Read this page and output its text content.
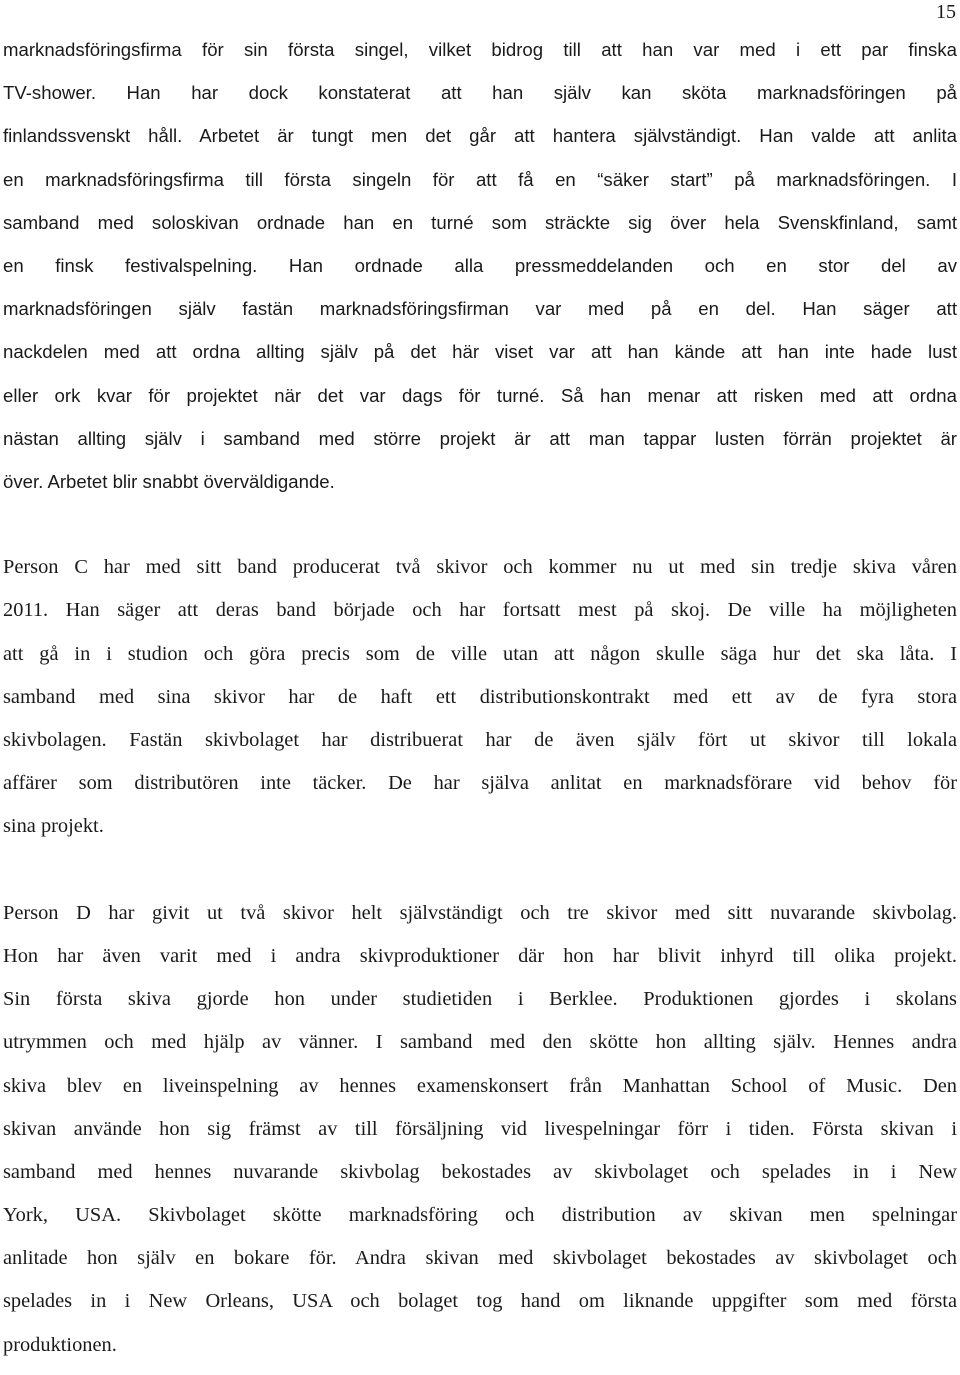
15
marknadsföringsfirma för sin första singel, vilket bidrog till att han var med i ett par finska
TV-shower. Han har dock konstaterat att han själv kan sköta marknadsföringen på
finlandssvenskt håll. Arbetet är tungt men det går att hantera självständigt. Han valde att anlita
en marknadsföringsfirma till första singeln för att få en “säker start” på marknadsföringen. I
samband med soloskivan ordnade han en turné som sträckte sig över hela Svenskfinland, samt
en finsk festivalspelning. Han ordnade alla pressmeddelanden och en stor del av
marknadsföringen själv fastän marknadsföringsfirman var med på en del. Han säger att
nackdelen med att ordna allting själv på det här viset var att han kände att han inte hade lust
eller ork kvar för projektet när det var dags för turné. Så han menar att risken med att ordna
nästan allting själv i samband med större projekt är att man tappar lusten förrän projektet är
över. Arbetet blir snabbt överväldigande.
Person C har med sitt band producerat två skivor och kommer nu ut med sin tredje skiva våren
2011. Han säger att deras band började och har fortsatt mest på skoj. De ville ha möjligheten
att gå in i studion och göra precis som de ville utan att någon skulle säga hur det ska låta. I
samband med sina skivor har de haft ett distributionskontrakt med ett av de fyra stora
skivbolagen. Fastän skivbolaget har distribuerat har de även själv fört ut skivor till lokala
affärer som distributören inte täcker. De har själva anlitat en marknadsförare vid behov för
sina projekt.
Person D har givit ut två skivor helt självständigt och tre skivor med sitt nuvarande skivbolag.
Hon har även varit med i andra skivproduktioner där hon har blivit inhyrd till olika projekt.
Sin första skiva gjorde hon under studietiden i Berklee. Produktionen gjordes i skolans
utrymmen och med hjälp av vänner. I samband med den skötte hon allting själv. Hennes andra
skiva blev en liveinspelning av hennes examenskonsert från Manhattan School of Music. Den
skivan använde hon sig främst av till försäljning vid livespelningar förr i tiden. Första skivan i
samband med hennes nuvarande skivbolag bekostades av skivbolaget och spelades in i New
York, USA. Skivbolaget skötte marknadsföring och distribution av skivan men spelningar
anlitade hon själv en bokare för. Andra skivan med skivbolaget bekostades av skivbolaget och
spelades in i New Orleans, USA och bolaget tog hand om liknande uppgifter som med första
produktionen.
